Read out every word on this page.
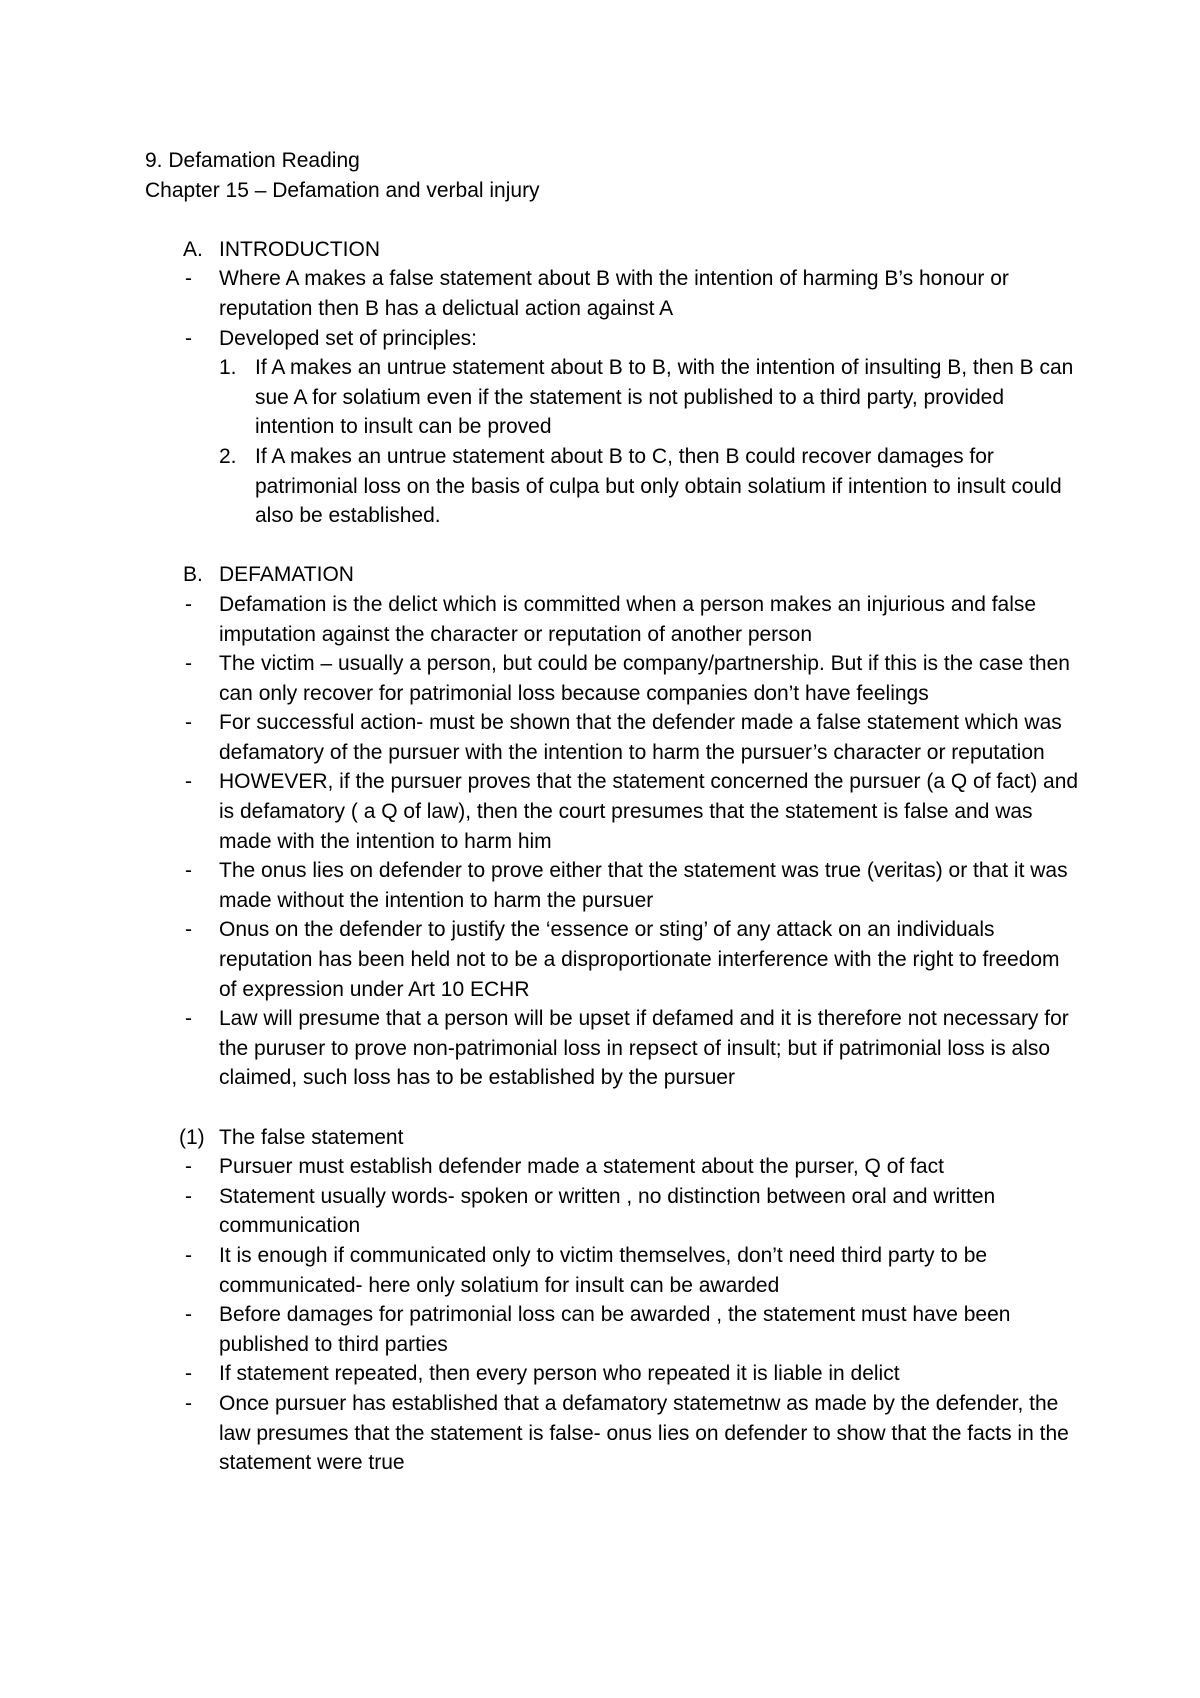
9. Defamation Reading

Chapter 15 – Defamation and verbal injury

A. INTRODUCTION
- Where A makes a false statement about B with the intention of harming B’s honour or reputation then B has a delictual action against A
- Developed set of principles:
1. If A makes an untrue statement about B to B, with the intention of insulting B, then B can sue A for solatium even if the statement is not published to a third party, provided intention to insult can be proved
2. If A makes an untrue statement about B to C, then B could recover damages for patrimonial loss on the basis of culpa but only obtain solatium if intention to insult could also be established.
B. DEFAMATION
- Defamation is the delict which is committed when a person makes an injurious and false imputation against the character or reputation of another person
- The victim – usually a person, but could be company/partnership. But if this is the case then can only recover for patrimonial loss because companies don’t have feelings
- For successful action- must be shown that the defender made a false statement which was defamatory of the pursuer with the intention to harm the pursuer’s character or reputation
- HOWEVER, if the pursuer proves that the statement concerned the pursuer (a Q of fact) and is defamatory ( a Q of law), then the court presumes that the statement is false and was made with the intention to harm him
- The onus lies on defender to prove either that the statement was true (veritas) or that it was made without the intention to harm the pursuer
- Onus on the defender to justify the ‘essence or sting’ of any attack on an individuals reputation has been held not to be a disproportionate interference with the right to freedom of expression under Art 10 ECHR
- Law will presume that a person will be upset if defamed and it is therefore not necessary for the puruser to prove non-patrimonial loss in repsect of insult; but if patrimonial loss is also claimed, such loss has to be established by the pursuer
(1) The false statement
- Pursuer must establish defender made a statement about the purser, Q of fact
- Statement usually words- spoken or written , no distinction between oral and written communication
- It is enough if communicated only to victim themselves, don’t need third party to be communicated- here only solatium for insult can be awarded
- Before damages for patrimonial loss can be awarded , the statement must have been published to third parties
- If statement repeated, then every person who repeated it is liable in delict
- Once pursuer has established that a defamatory statemetnw as made by the defender, the law presumes that the statement is false- onus lies on defender to show that the facts in the statement were true
